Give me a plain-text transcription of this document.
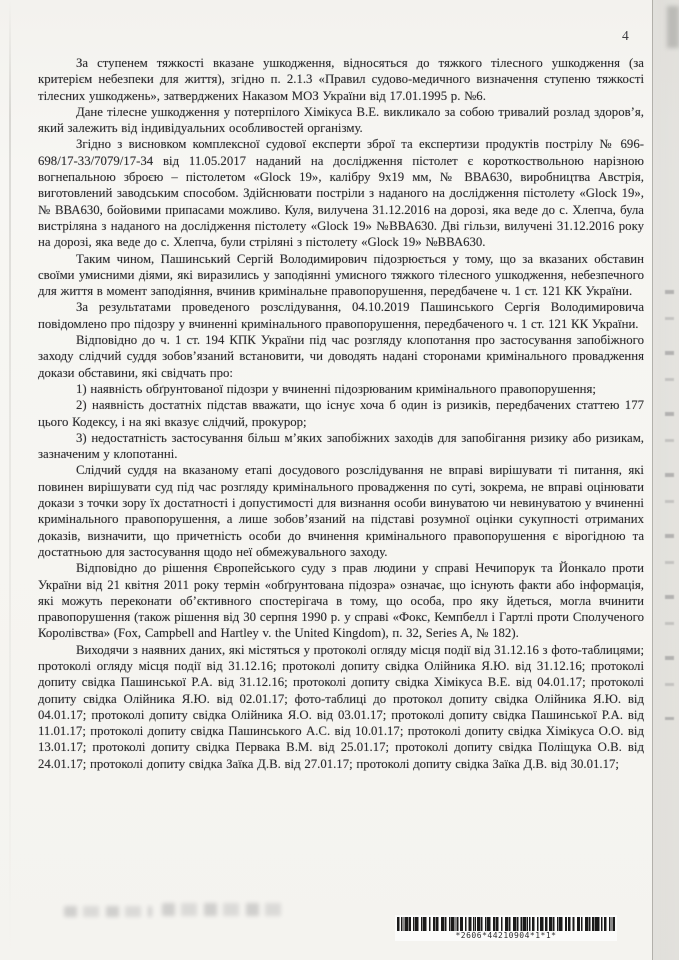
4

За ступенем тяжкості вказане ушкодження, відносяться до тяжкого тілесного ушкодження (за критерієм небезпеки для життя), згідно п. 2.1.3 «Правил судово-медичного визначення ступеню тяжкості тілесних ушкоджень», затверджених Наказом МОЗ України від 17.01.1995 р. №6.

Дане тілесне ушкодження у потерпілого Хімікуса В.Е. викликало за собою тривалий розлад здоров’я, який залежить від індивідуальних особливостей організму.

Згідно з висновком комплексної судової експерти зброї та експертизи продуктів пострілу № 696-698/17-33/7079/17-34 від 11.05.2017 наданий на дослідження пістолет є короткоствольною нарізною вогнепальною зброєю – пістолетом «Glock 19», калібру 9х19 мм, № ВВА630, виробництва Австрія, виготовлений заводським способом. Здійснювати постріли з наданого на дослідження пістолету «Glock 19», № ВВА630, бойовими припасами можливо. Куля, вилучена 31.12.2016 на дорозі, яка веде до с. Хлепча, була вистріляна з наданого на дослідження пістолету «Glock 19» №ВВА630. Дві гільзи, вилучені 31.12.2016 року на дорозі, яка веде до с. Хлепча, були стріляні з пістолету «Glock 19» №ВВА630.

Таким чином, Пашинський Сергій Володимирович підозрюється у тому, що за вказаних обставин своїми умисними діями, які виразились у заподіянні умисного тяжкого тілесного ушкодження, небезпечного для життя в момент заподіяння, вчинив кримінальне правопорушення, передбачене ч. 1 ст. 121 КК України.

За результатами проведеного розслідування, 04.10.2019 Пашинського Сергія Володимировича повідомлено про підозру у вчиненні кримінального правопорушення, передбаченого ч. 1 ст. 121 КК України.

Відповідно до ч. 1 ст. 194 КПК України під час розгляду клопотання про застосування запобіжного заходу слідчий суддя зобов’язаний встановити, чи доводять надані сторонами кримінального провадження докази обставини, які свідчать про:

1) наявність обґрунтованої підозри у вчиненні підозрюваним кримінального правопорушення;

2) наявність достатніх підстав вважати, що існує хоча б один із ризиків, передбачених статтею 177 цього Кодексу, і на які вказує слідчий, прокурор;

3) недостатність застосування більш м’яких запобіжних заходів для запобігання ризику або ризикам, зазначеним у клопотанні.

Слідчий суддя на вказаному етапі досудового розслідування не вправі вирішувати ті питання, які повинен вирішувати суд під час розгляду кримінального провадження по суті, зокрема, не вправі оцінювати докази з точки зору їх достатності і допустимості для визнання особи винуватою чи невинуватою у вчиненні кримінального правопорушення, а лише зобов’язаний на підставі розумної оцінки сукупності отриманих доказів, визначити, що причетність особи до вчинення кримінального правопорушення є вірогідною та достатньою для застосування щодо неї обмежувального заходу.

Відповідно до рішення Європейського суду з прав людини у справі Нечипорук та Йонкало проти України від 21 квітня 2011 року термін «обґрунтована підозра» означає, що існують факти або інформація, які можуть переконати об’єктивного спостерігача в тому, що особа, про яку йдеться, могла вчинити правопорушення (також рішення від 30 серпня 1990 р. у справі «Фокс, Кемпбелл і Гартлі проти Сполученого Королівства» (Fox, Campbell and Hartley v. the United Kingdom), п. 32, Series A, № 182).

Виходячи з наявних даних, які містяться у протоколі огляду місця події від 31.12.16 з фото-таблицями; протоколі огляду місця події від 31.12.16; протоколі допиту свідка Олійника Я.Ю. від 31.12.16; протоколі допиту свідка Пашинської Р.А. від 31.12.16; протоколі допиту свідка Хімікуса В.Е. від 04.01.17; протоколі допиту свідка Олійника Я.Ю. від 02.01.17; фото-таблиці до протокол допиту свідка Олійника Я.Ю. від 04.01.17; протоколі допиту свідка Олійника Я.О. від 03.01.17; протоколі допиту свідка Пашинської Р.А. від 11.01.17; протоколі допиту свідка Пашинського А.С. від 10.01.17; протоколі допиту свідка Хімікуса О.О. від 13.01.17; протоколі допиту свідка Первака В.М. від 25.01.17; протоколі допиту свідка Поліщука О.В. від 24.01.17; протоколі допиту свідка Заїка Д.В. від 27.01.17; протоколі допиту свідка Заїка Д.В. від 30.01.17;

*2606*44210904*1*1*
